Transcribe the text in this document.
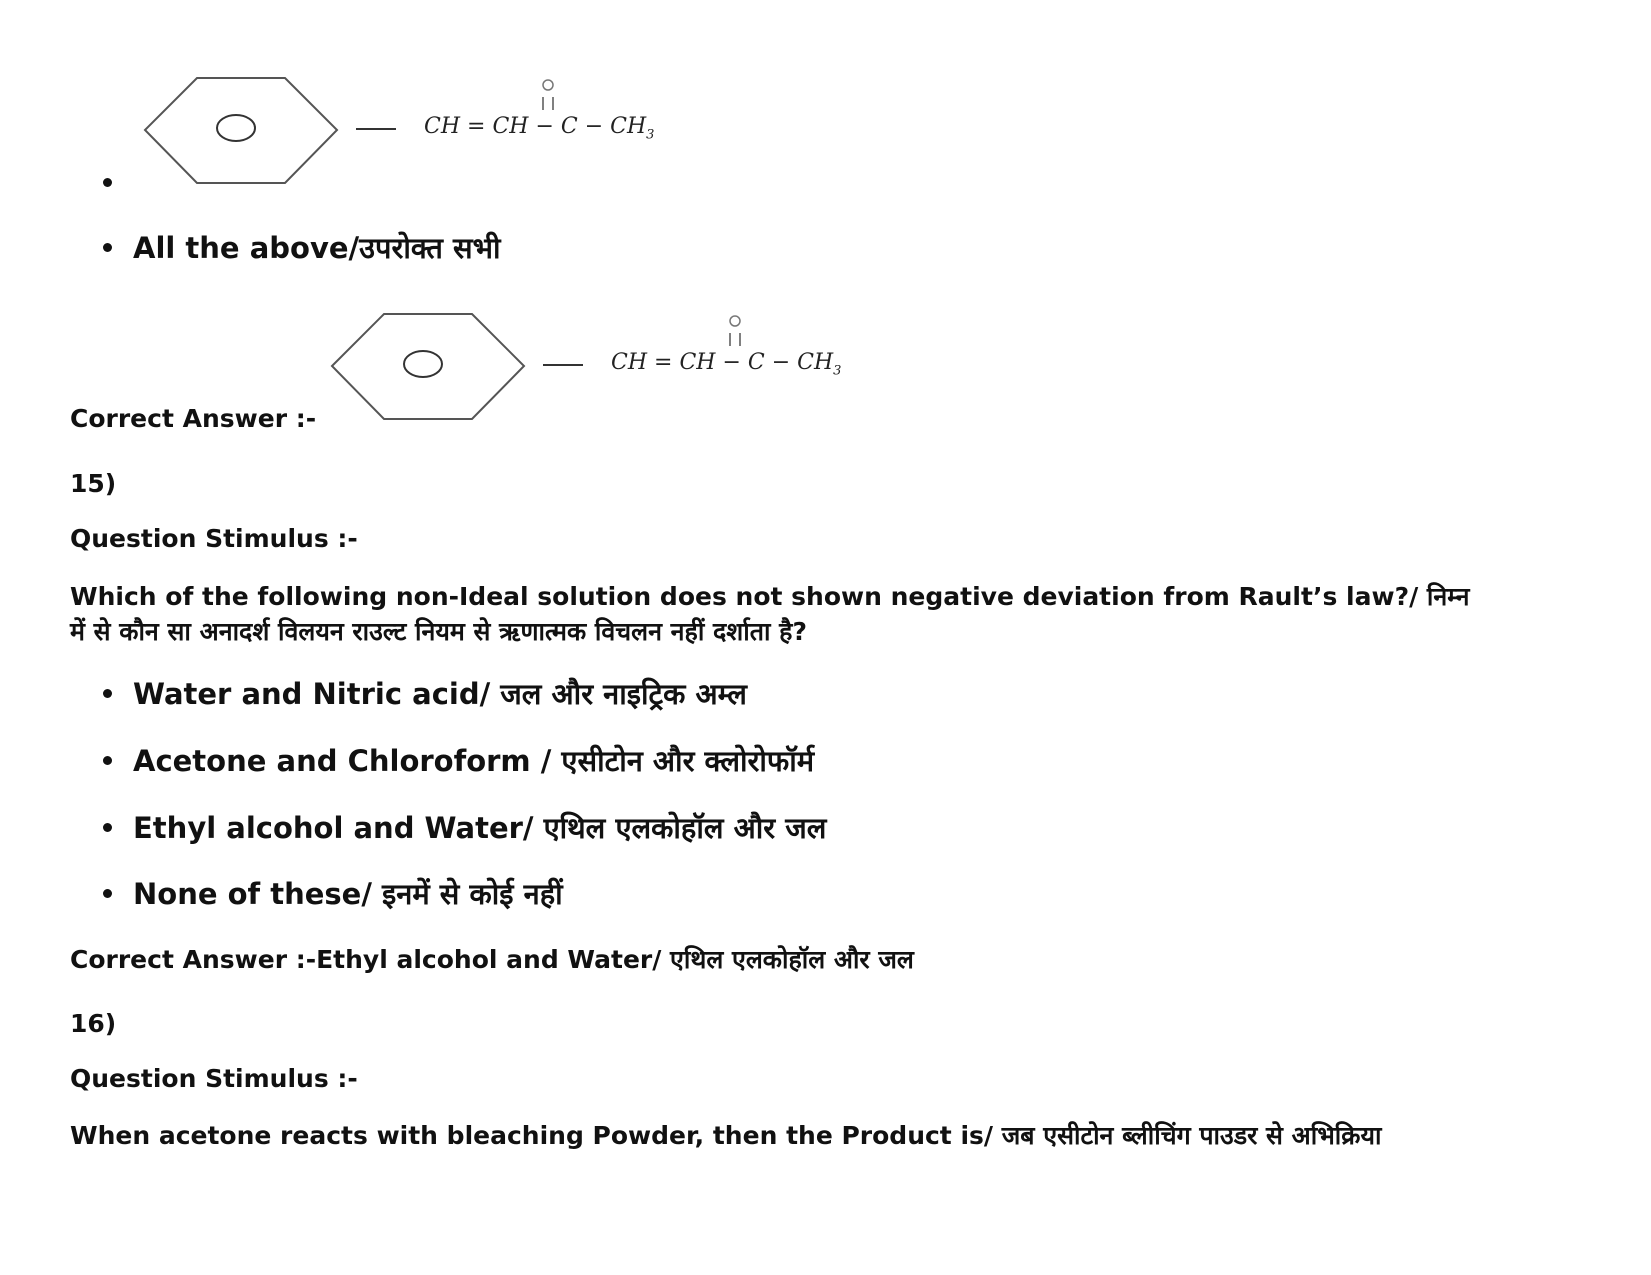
CH = CH − $C - CH_3$
All the above/उपरोक्त सभी
Correct Answer :-
CH = CH − $C - CH_3$
15)
Question Stimulus :-
Which of the following non-Ideal solution does not shown negative deviation from Rault’s law?/ निम्न
में से कौन सा अनादर्श विलयन राउल्ट नियम से ऋणात्मक विचलन नहीं दर्शाता है?
Water and Nitric acid/ जल और नाइट्रिक अम्ल
Acetone and Chloroform / एसीटोन और क्लोरोफॉर्म
Ethyl alcohol and Water/ एथिल एलकोहॉल और जल
None of these/ इनमें से कोई नहीं
Correct Answer :-Ethyl alcohol and Water/ एथिल एलकोहॉल और जल
16)
Question Stimulus :-
When acetone reacts with bleaching Powder, then the Product is/ जब एसीटोन ब्लीचिंग पाउडर से अभिक्रिया
